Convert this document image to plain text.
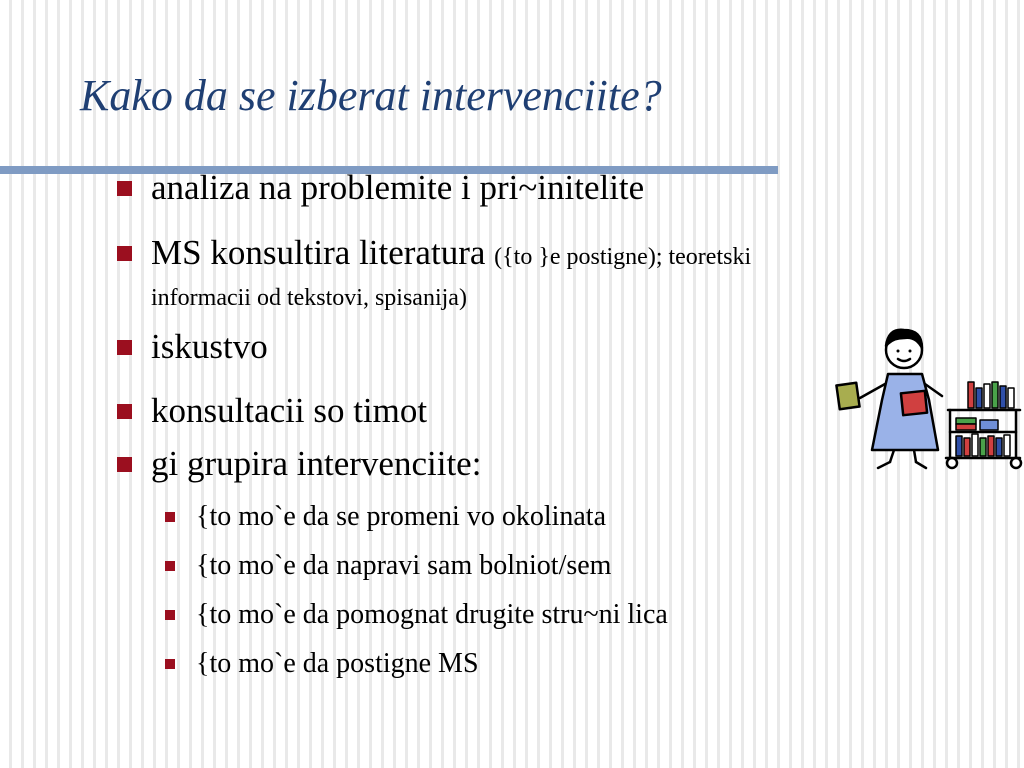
Kako da se izberat intervenciite?
analiza na problemite i pri~initelite
MS konsultira literatura ({to }e postigne); teoretski
informacii od tekstovi, spisanija)
iskustvo
konsultacii so timot
gi grupira intervenciite:
{to mo`e da se promeni vo okolinata
{to mo`e da napravi sam bolniot/sem
{to mo`e da pomognat drugite stru~ni lica
{to mo`e da postigne MS
